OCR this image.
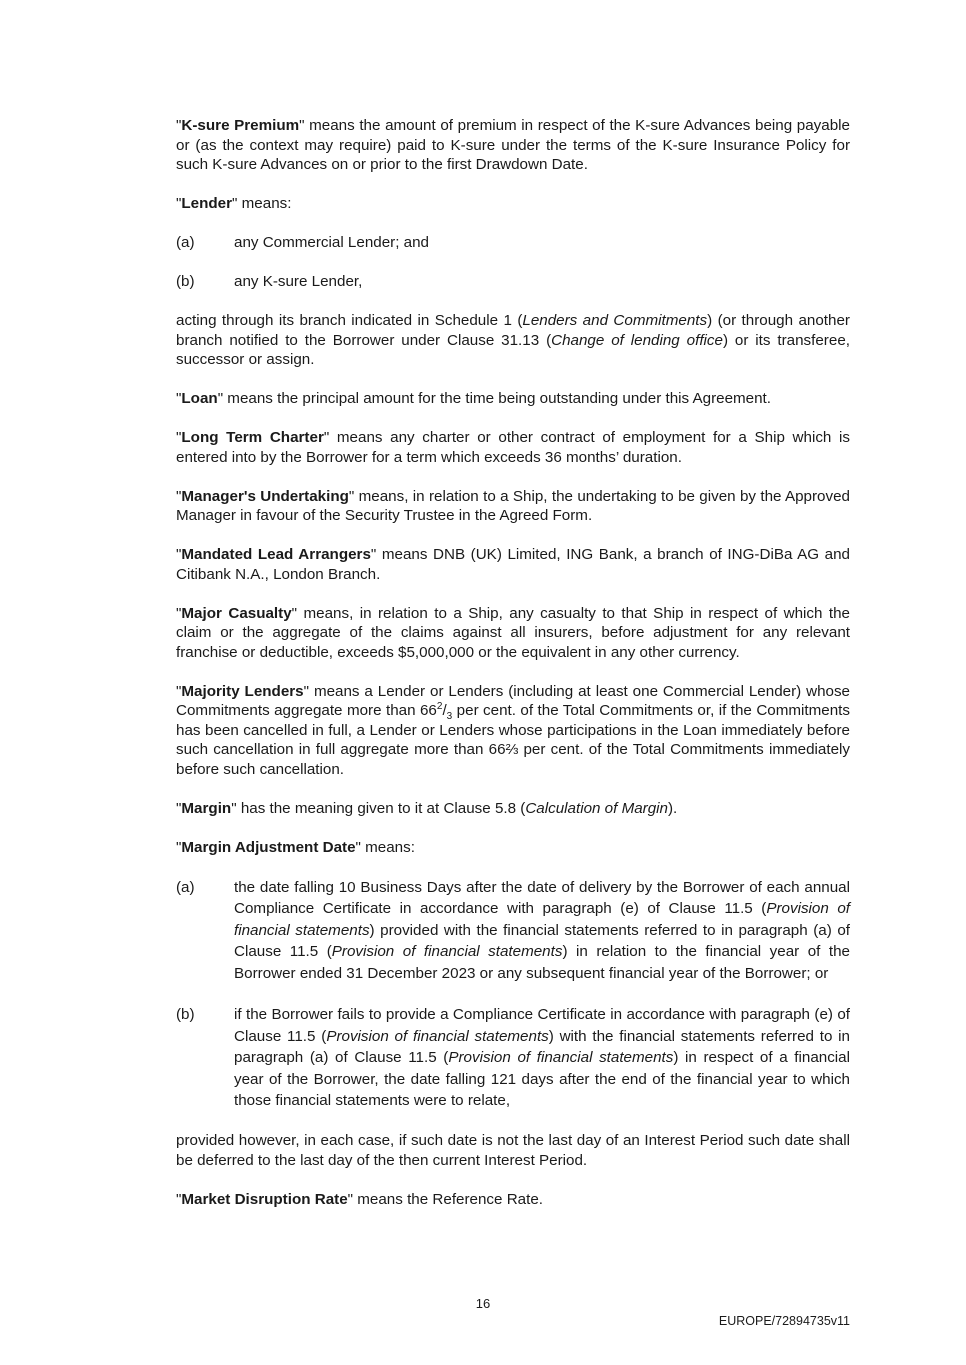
"K-sure Premium" means the amount of premium in respect of the K-sure Advances being payable or (as the context may require) paid to K-sure under the terms of the K-sure Insurance Policy for such K-sure Advances on or prior to the first Drawdown Date.

"Lender" means:

(a)	any Commercial Lender; and
(b)	any K-sure Lender,

acting through its branch indicated in Schedule 1 (Lenders and Commitments) (or through another branch notified to the Borrower under Clause 31.13 (Change of lending office) or its transferee, successor or assign.

"Loan" means the principal amount for the time being outstanding under this Agreement.

"Long Term Charter" means any charter or other contract of employment for a Ship which is entered into by the Borrower for a term which exceeds 36 months’ duration.

"Manager's Undertaking" means, in relation to a Ship, the undertaking to be given by the Approved Manager in favour of the Security Trustee in the Agreed Form.

"Mandated Lead Arrangers" means DNB (UK) Limited, ING Bank, a branch of ING-DiBa AG and Citibank N.A., London Branch.

"Major Casualty" means, in relation to a Ship, any casualty to that Ship in respect of which the claim or the aggregate of the claims against all insurers, before adjustment for any relevant franchise or deductible, exceeds $5,000,000 or the equivalent in any other currency.

"Majority Lenders" means a Lender or Lenders (including at least one Commercial Lender) whose Commitments aggregate more than $66^2/_3$ per cent. of the Total Commitments or, if the Commitments has been cancelled in full, a Lender or Lenders whose participations in the Loan immediately before such cancellation in full aggregate more than 66⅔ per cent. of the Total Commitments immediately before such cancellation.

"Margin" has the meaning given to it at Clause 5.8 (Calculation of Margin).

"Margin Adjustment Date" means:

(a)	the date falling 10 Business Days after the date of delivery by the Borrower of each annual Compliance Certificate in accordance with paragraph (e) of Clause 11.5 (Provision of financial statements) provided with the financial statements referred to in paragraph (a) of Clause 11.5 (Provision of financial statements) in relation to the financial year of the Borrower ended 31 December 2023 or any subsequent financial year of the Borrower; or
(b)	if the Borrower fails to provide a Compliance Certificate in accordance with paragraph (e) of Clause 11.5 (Provision of financial statements) with the financial statements referred to in paragraph (a) of Clause 11.5 (Provision of financial statements) in respect of a financial year of the Borrower, the date falling 121 days after the end of the financial year to which those financial statements were to relate,

provided however, in each case, if such date is not the last day of an Interest Period such date shall be deferred to the last day of the then current Interest Period.

"Market Disruption Rate" means the Reference Rate.

16
EUROPE/72894735v11
